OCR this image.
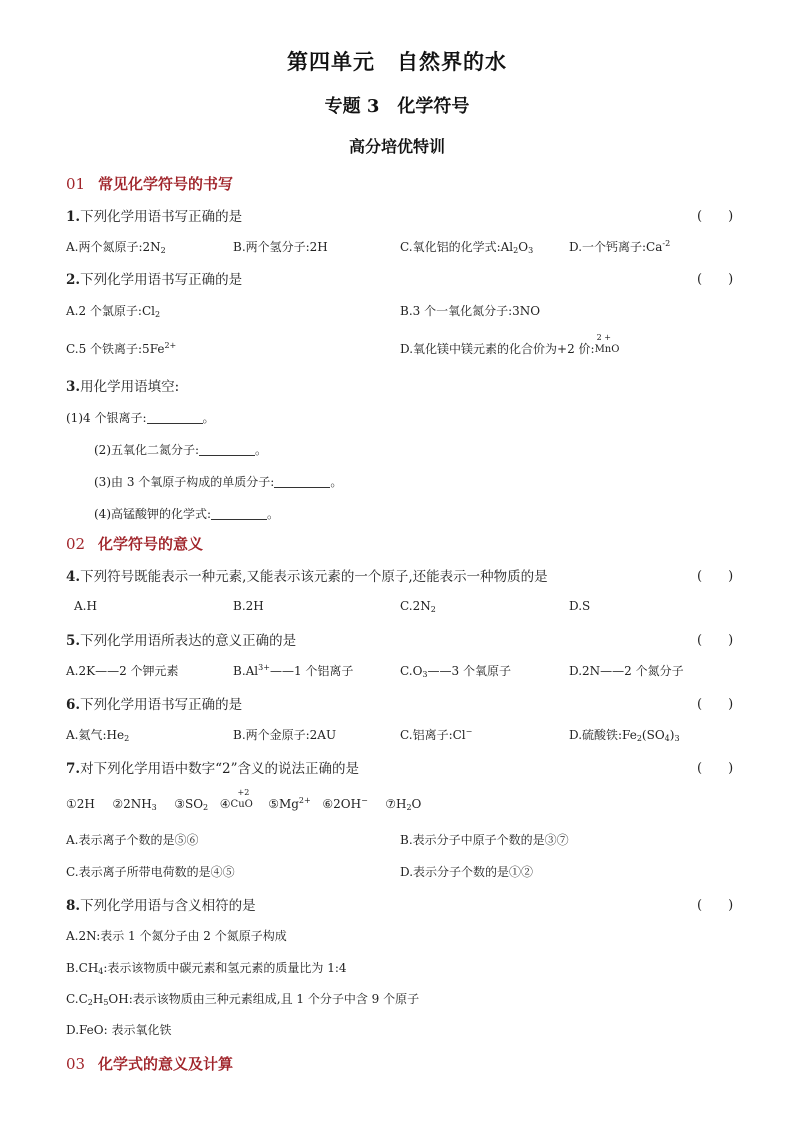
第四单元　自然界的水
专题 3　化学符号
高分培优特训
01 常见化学符号的书写
1.下列化学用语书写正确的是	(　　)
A.两个氮原子$:2N_2$	B.两个氢分子:2H	C.氧化铝的化学式$:Al_2O_3$	D.一个钙离子$:Ca^{-2}$
2.下列化学用语书写正确的是	(　　)
A.2 个氯原子$:Cl_2$	B.3 个一氧化氮分子:3NO
C.5 个铁离子$:5Fe^{2+}$	D.氧化镁中镁元素的化合价为+2 价:
2 +
MnO
3.用化学用语填空:
(1)4 个银离子:	。
(2)五氧化二氮分子:	。
(3)由 3 个氧原子构成的单质分子:	。
(4)高锰酸钾的化学式:	。
02 化学符号的意义
4.下列符号既能表示一种元素,又能表示该元素的一个原子,还能表示一种物质的是	(　　)
A.H	B.2H	$C.2N_2$	D.S
5.下列化学用语所表达的意义正确的是	(　　)
A.2K——2 个钾元素	$B.Al^{3+}——1$ 个铝离子	$C.O_3——3$ 个氧原子	D.2N——2 个氮分子
6.下列化学用语书写正确的是	(　　)
A.氦气$:He_2$	B.两个金原子:2AU	C.铝离子:Cl−	D.硫酸铁$:Fe_2(SO_4)_3$
7.对下列化学用语中数字“2”含义的说法正确的是	(　　)
①2H $②2NH_3$ $③SO_2$ ④
+2
CuO $⑤Mg^{2+}$ ⑥2OH− $⑦H_2O$
A.表示离子个数的是⑤⑥	B.表示分子中原子个数的是③⑦
C.表示离子所带电荷数的是④⑤	D.表示分子个数的是①②
8.下列化学用语与含义相符的是	(　　)
A.2N:表示 1 个氮分子由 2 个氮原子构成
$B.CH_4$:表示该物质中碳元素和氢元素的质量比为 1:4
$C.C_2H_5OH$:表示该物质由三种元素组成,且 1 个分子中含 9 个原子
D.FeO: 表示氧化铁
03 化学式的意义及计算
